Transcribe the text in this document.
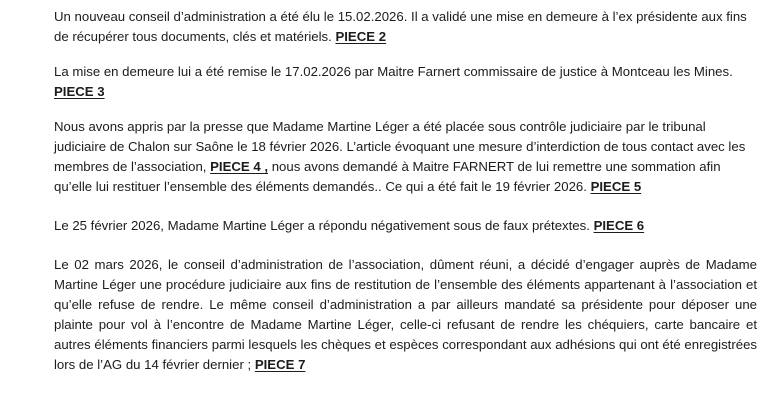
Un nouveau conseil d’administration a été élu le 15.02.2026. Il a validé une mise en demeure à l’ex présidente aux fins de récupérer tous documents, clés et matériels. PIECE 2

La mise en demeure lui a été remise le 17.02.2026 par Maitre Farnert commissaire de justice à Montceau les Mines. PIECE 3

Nous avons appris par la presse que Madame Martine Léger a été placée sous contrôle judiciaire par le tribunal judiciaire de Chalon sur Saône le 18 février 2026. L’article évoquant une mesure d’interdiction de tous contact avec les membres de l’association, PIECE 4 , nous avons demandé à Maitre FARNERT de lui remettre une sommation afin qu’elle lui restituer l’ensemble des éléments demandés.. Ce qui a été fait le 19 février 2026. PIECE 5

Le 25 février 2026, Madame Martine Léger a répondu négativement sous de faux prétextes. PIECE 6

Le 02 mars 2026, le conseil d’administration de l’association, dûment réuni, a décidé d’engager auprès de Madame Martine Léger une procédure judiciaire aux fins de restitution de l’ensemble des éléments appartenant à l’association et qu’elle refuse de rendre. Le même conseil d’administration a par ailleurs mandaté sa présidente pour déposer une plainte pour vol à l’encontre de Madame Martine Léger, celle-ci refusant de rendre les chéquiers, carte bancaire et autres éléments financiers parmi lesquels les chèques et espèces correspondant aux adhésions qui ont été enregistrées lors de l’AG du 14 février dernier ; PIECE 7
